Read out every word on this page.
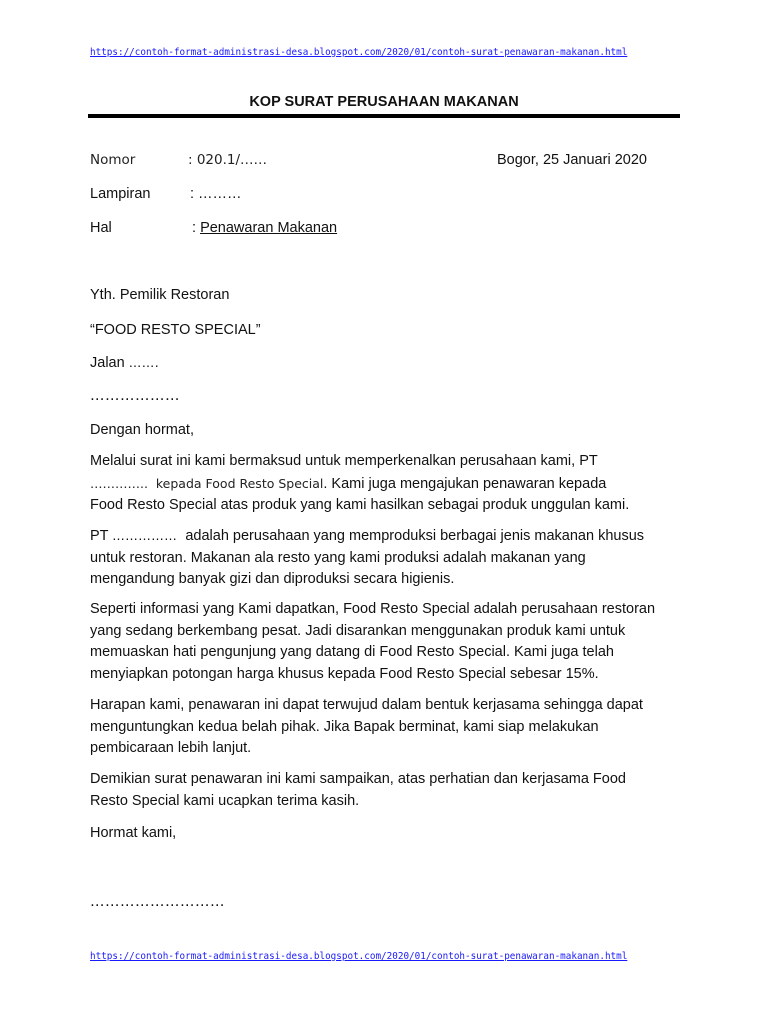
https://contoh-format-administrasi-desa.blogspot.com/2020/01/contoh-surat-penawaran-makanan.html
KOP SURAT PERUSAHAAN MAKANAN
Nomor	: 020.1/……	Bogor, 25 Januari 2020
Lampiran	: ………
Hal	: Penawaran Makanan
Yth. Pemilik Restoran
“FOOD RESTO SPECIAL”
Jalan …….
………………
Dengan hormat,
Melalui surat ini kami bermaksud untuk memperkenalkan perusahaan kami, PT
…………..  kepada Food Resto Special. Kami juga mengajukan penawaran kepada
Food Resto Special atas produk yang kami hasilkan sebagai produk unggulan kami.
PT ……………  adalah perusahaan yang memproduksi berbagai jenis makanan khusus
untuk restoran. Makanan ala resto yang kami produksi adalah makanan yang
mengandung banyak gizi dan diproduksi secara higienis.
Seperti informasi yang Kami dapatkan, Food Resto Special adalah perusahaan restoran
yang sedang berkembang pesat. Jadi disarankan menggunakan produk kami untuk
memuaskan hati pengunjung yang datang di Food Resto Special. Kami juga telah
menyiapkan potongan harga khusus kepada Food Resto Special sebesar 15%.
Harapan kami, penawaran ini dapat terwujud dalam bentuk kerjasama sehingga dapat
menguntungkan kedua belah pihak. Jika Bapak berminat, kami siap melakukan
pembicaraan lebih lanjut.
Demikian surat penawaran ini kami sampaikan, atas perhatian dan kerjasama Food
Resto Special kami ucapkan terima kasih.
Hormat kami,
………………………
https://contoh-format-administrasi-desa.blogspot.com/2020/01/contoh-surat-penawaran-makanan.html
